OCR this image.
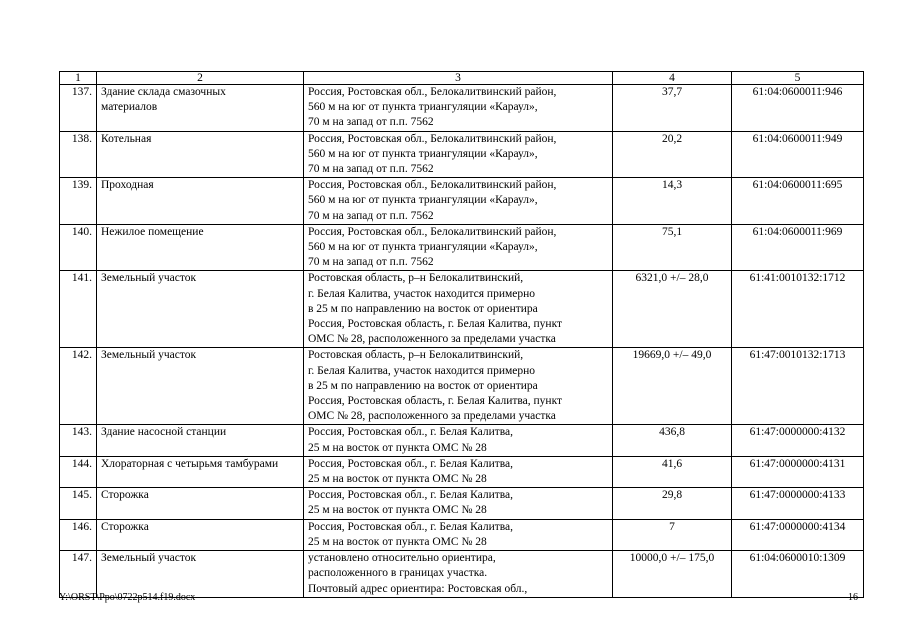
1	2	3	4	5
137.	Здание склада смазочных
материалов	Россия, Ростовская обл., Белокалитвинский район,
560 м на юг от пункта триангуляции «Караул»,
70 м на запад от п.п. 7562	37,7	61:04:0600011:946
138.	Котельная	Россия, Ростовская обл., Белокалитвинский район,
560 м на юг от пункта триангуляции «Караул»,
70 м на запад от п.п. 7562	20,2	61:04:0600011:949
139.	Проходная	Россия, Ростовская обл., Белокалитвинский район,
560 м на юг от пункта триангуляции «Караул»,
70 м на запад от п.п. 7562	14,3	61:04:0600011:695
140.	Нежилое помещение	Россия, Ростовская обл., Белокалитвинский район,
560 м на юг от пункта триангуляции «Караул»,
70 м на запад от п.п. 7562	75,1	61:04:0600011:969
141.	Земельный участок	Ростовская область, р–н Белокалитвинский,
г. Белая Калитва, участок находится примерно
в 25 м по направлению на восток от ориентира
Россия, Ростовская область, г. Белая Калитва, пункт
ОМС № 28, расположенного за пределами участка	6321,0 +/– 28,0	61:41:0010132:1712
142.	Земельный участок	Ростовская область, р–н Белокалитвинский,
г. Белая Калитва, участок находится примерно
в 25 м по направлению на восток от ориентира
Россия, Ростовская область, г. Белая Калитва, пункт
ОМС № 28, расположенного за пределами участка	19669,0 +/– 49,0	61:47:0010132:1713
143.	Здание насосной станции	Россия, Ростовская обл., г. Белая Калитва,
25 м на восток от пункта ОМС № 28	436,8	61:47:0000000:4132
144.	Хлораторная с четырьмя тамбурами	Россия, Ростовская обл., г. Белая Калитва,
25 м на восток от пункта ОМС № 28	41,6	61:47:0000000:4131
145.	Сторожка	Россия, Ростовская обл., г. Белая Калитва,
25 м на восток от пункта ОМС № 28	29,8	61:47:0000000:4133
146.	Сторожка	Россия, Ростовская обл., г. Белая Калитва,
25 м на восток от пункта ОМС № 28	7	61:47:0000000:4134
147.	Земельный участок	установлено относительно ориентира,
расположенного в границах участка.
Почтовый адрес ориентира: Ростовская обл.,	10000,0 +/– 175,0	61:04:0600010:1309
Y:\ORST\Ppo\0722p514.f19.docx	16
